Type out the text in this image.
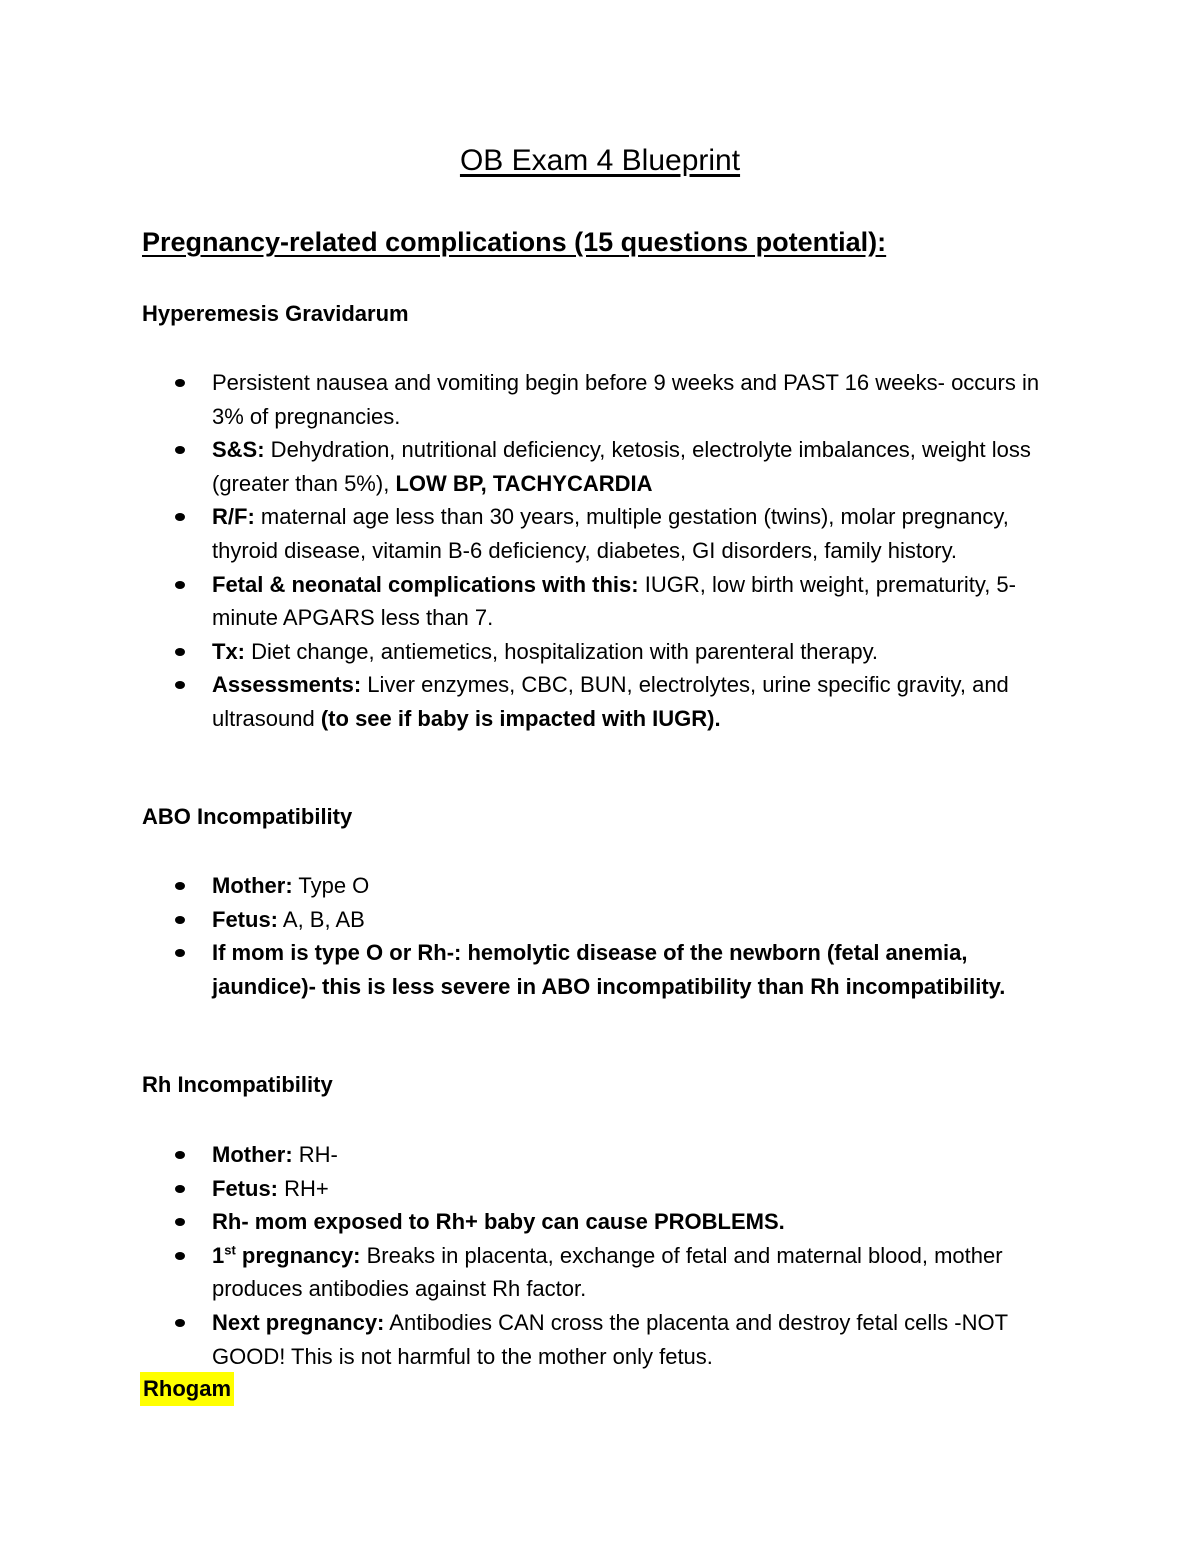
OB Exam 4 Blueprint
Pregnancy-related complications (15 questions potential):
Hyperemesis Gravidarum
Persistent nausea and vomiting begin before 9 weeks and PAST 16 weeks- occurs in 3% of pregnancies.
S&S: Dehydration, nutritional deficiency, ketosis, electrolyte imbalances, weight loss (greater than 5%), LOW BP, TACHYCARDIA
R/F: maternal age less than 30 years, multiple gestation (twins), molar pregnancy, thyroid disease, vitamin B-6 deficiency, diabetes, GI disorders, family history.
Fetal & neonatal complications with this: IUGR, low birth weight, prematurity, 5-minute APGARS less than 7.
Tx: Diet change, antiemetics, hospitalization with parenteral therapy.
Assessments: Liver enzymes, CBC, BUN, electrolytes, urine specific gravity, and ultrasound (to see if baby is impacted with IUGR).
ABO Incompatibility
Mother: Type O
Fetus: A, B, AB
If mom is type O or Rh-: hemolytic disease of the newborn (fetal anemia, jaundice)- this is less severe in ABO incompatibility than Rh incompatibility.
Rh Incompatibility
Mother: RH-
Fetus: RH+
Rh- mom exposed to Rh+ baby can cause PROBLEMS.
1st pregnancy: Breaks in placenta, exchange of fetal and maternal blood, mother produces antibodies against Rh factor.
Next pregnancy: Antibodies CAN cross the placenta and destroy fetal cells -NOT GOOD! This is not harmful to the mother only fetus.
Rhogam
